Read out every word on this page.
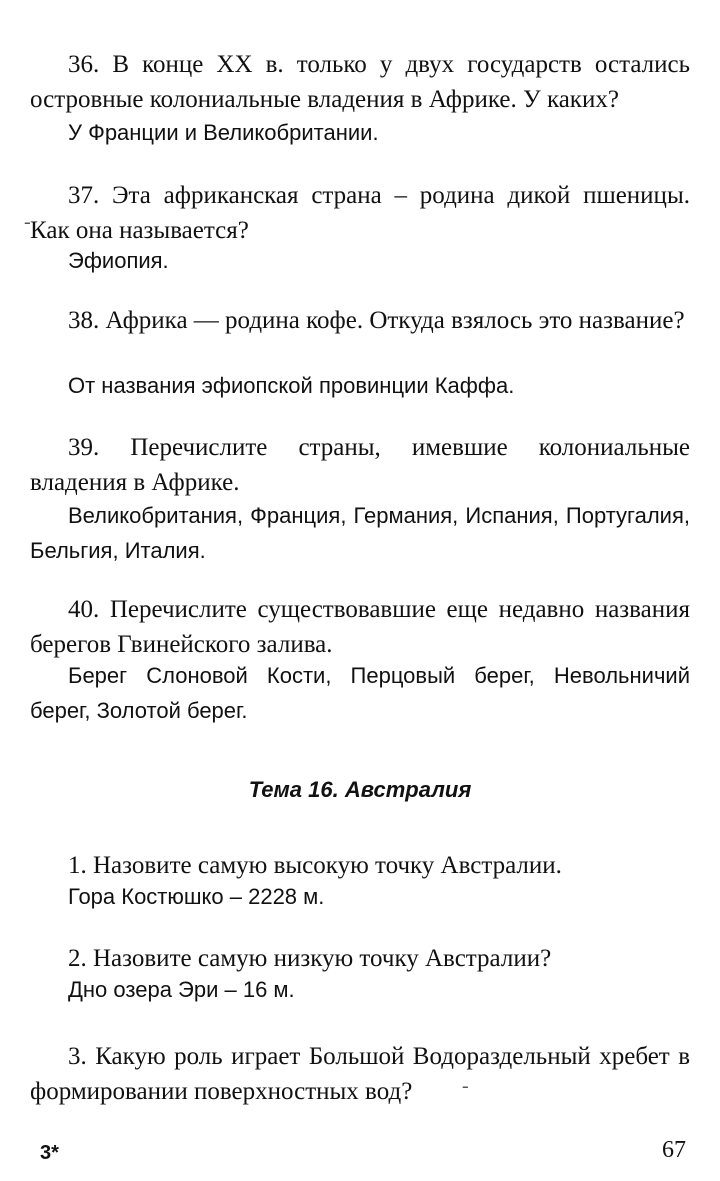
36. В конце XX в. только у двух государств остались островные колониальные владения в Африке. У каких?

У Франции и Великобритании.

-

37. Эта африканская страна – родина дикой пшеницы. Как она называется?

Эфиопия.

38. Африка — родина кофе. Откуда взялось это название?

От названия эфиопской провинции Каффа.

39. Перечислите страны, имевшие колониальные владения в Африке.

Великобритания, Франция, Германия, Испания, Португалия, Бельгия, Италия.

40. Перечислите существовавшие еще недавно названия берегов Гвинейского залива.

Берег Слоновой Кости, Перцовый берег, Невольничий берег, Золотой берег.

Тема 16. Австралия

1. Назовите самую высокую точку Австралии.

Гора Костюшко – 2228 м.

2. Назовите самую низкую точку Австралии?

Дно озера Эри – 16 м.

3. Какую роль играет Большой Водораздельный хребет в формировании поверхностных вод?	-
3*	67
